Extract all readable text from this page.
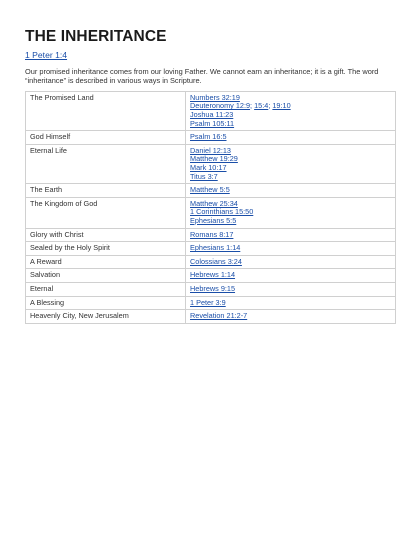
THE INHERITANCE
1 Peter 1:4

Our promised inheritance comes from our loving Father. We cannot earn an inheritance; it is a gift. The word “inheritance” is described in various ways in Scripture.

The Promised Land	Numbers 32:19
Deuteronomy 12:9; 15:4; 19:10
Joshua 11:23
Psalm 105:11

God Himself	Psalm 16:5

Eternal Life	Daniel 12:13
Matthew 19:29
Mark 10:17
Titus 3:7

The Earth	Matthew 5:5

The Kingdom of God	Matthew 25:34
1 Corinthians 15:50
Ephesians 5:5

Glory with Christ	Romans 8:17

Sealed by the Holy Spirit	Ephesians 1:14

A Reward	Colossians 3:24

Salvation	Hebrews 1:14

Eternal	Hebrews 9:15

A Blessing	1 Peter 3:9

Heavenly City, New Jerusalem	Revelation 21:2-7
